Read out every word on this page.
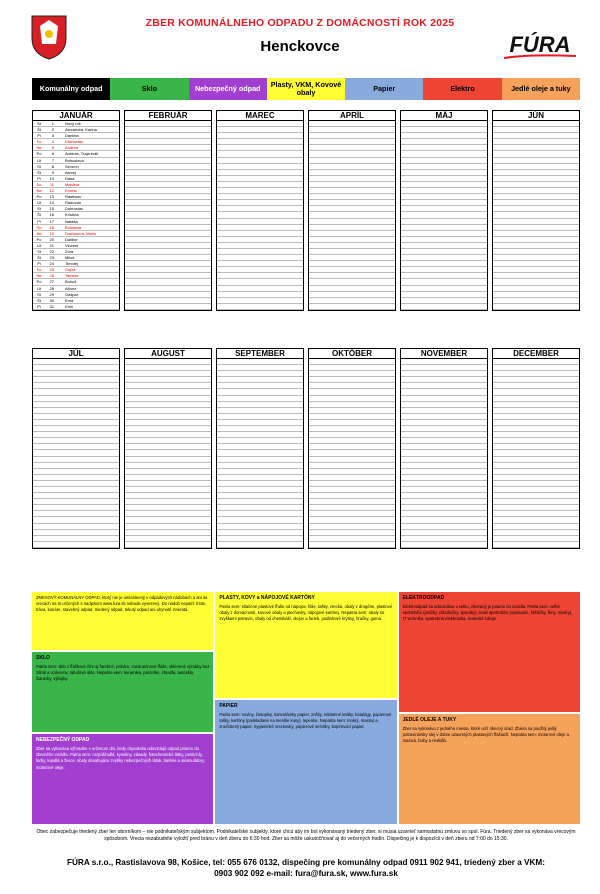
ZBER KOMUNÁLNEHO ODPADU Z DOMÁCNOSTÍ ROK 2025
Henckovce	FÚRA
Komunálny odpad	Sklo	Nebezpečný odpad	Plasty, VKM, Kovové obaly	Papier	Elektro	Jedlé oleje a tuky
JANUÁR
St	1	Nový rok
Št	2	Alexandra, Karina
Pi	3	Daniela
So	4	Drahoslav
Ne	5	Andrea
Po	6	Antónia, Traja králi
Ut	7	Bohuslava
St	8	Severín
Št	9	Alexej
Pi	10	Dáša
So	11	Malvína
Ne	12	Ernest
Po	13	Rastislav
Ut	14	Radovan
St	15	Dobroslav
Št	16	Kristína
Pi	17	Nataša
So	18	Bohdana
Ne	19	Drahomíra, Mário
Po	20	Dalibor
Ut	21	Vincent
St	22	Zora
Št	23	Miloš
Pi	24	Timotej
So	25	Gejza
Ne	26	Tamara
Po	27	Bohuš
Ut	28	Alfonz
St	29	Gašpar
Št	30	Ema
Pi	31	Emil
FEBRUÁR	MAREC	APRÍL	MÁJ	JÚN
JÚL	AUGUST	SEPTEMBER	OKTÓBER	NOVEMBER	DECEMBER
ZMESOVÝ KOMUNÁLNY ODPAD, ktorý nie je umiestnený v odpadových nádobách a ani sa vrecách na to určených s nadpisom www.fura.sk nebude vyvezený. Do nádob nepatrí: lístie, tráva, konáre, stavebný odpad, triedený odpad, tekutý odpad ani uhynuté zvieratá.
SKLO
Patria sem: sklo z fľaškové číre aj farebné, poháre, zaváraninové fľaše, sklenené výrobky bez zátok a uzáverov, tabuľové sklo. Nepatria sem: keramika, porcelán, zrkadlá, autosklo, žiarovky, výbojky.
NEBEZPEČNÝ ODPAD
Zber sa vykonáva výhradne v určenom dni, kedy obyvatelia odovzdajú odpad priamo do zberného vozidla. Patria sem: rozpúšťadlá, kyseliny, zásady, fotochemické látky, pesticídy, farby, lepidlá a živice, obaly obsahujúce zvyšky nebezpečných látok, batérie a akumulátory, motorové oleje.
PLASTY, KOVY a NÁPOJOVÉ KARTÓNY
Patria sem: stlačené plastové fľaše od nápojov, fólie, tašky, vrecká, obaly z drogérie, plastové obaly z domácností, kovové obaly a plechovky, nápojové kartóny. Nepatria sem: obaly so zvyškami potravín, obaly od chemikálií, olejov a farieb, podlahové krytiny, hračky, guma.
PAPIER
Patria sem: noviny, časopisy, kancelársky papier, zošity, reklamné letáky, katalógy, papierové tašky, kartóny (poskladané na menšie kusy), lepenka. Nepatria sem: mokrý, mastný a znečistený papier, hygienické vreckovky, papierové servítky, kopírovací papier.
ELEKTROODPAD
Elektroodpad sa odovzdáva v celku, zbieraný je priamo do vozidla. Patria sem: veľké spotrebiče (práčky, chladničky, sporáky), malé spotrebiče (vysávače, žehličky, fény, mixéry), IT technika, spotrebná elektronika, svetelné zdroje.
JEDLÉ OLEJE A TUKY
Zber sa vykonáva z jedného miesta, ktoré určí obecný úrad. Zbiera sa použitý jedlý potravinársky olej v dobre uzavretých plastových fľašiach. Nepatria sem: motorové oleje a mazivá, farby a riedidlá.
Obec zabezpečuje triedený zber len oborníkom – nie podnikateľským subjektom. Podnikateľské subjekty, ktoré chcú aby im bol vykonávaný triedený zber, si musia uzavrieť samostatnú zmluvu so spol. Fúra. Triedený zber sa vykonáva vrecovým spôsobom. Vrecia nezabudnite vyložiť pred bránu v deň zberu do 6:30 hod. Zber sa môže uskutočňovať aj do večerných hodín. Dispečing je k dispozícii v deň zberu od 7:00 do 15:30.
FÚRA s.r.o., Rastislavova 98, Košice, tel: 055 676 0132, dispečing pre komunálny odpad 0911 902 941, triedený zber a VKM:
0903 902 092 e-mail: fura@fura.sk, www.fura.sk
